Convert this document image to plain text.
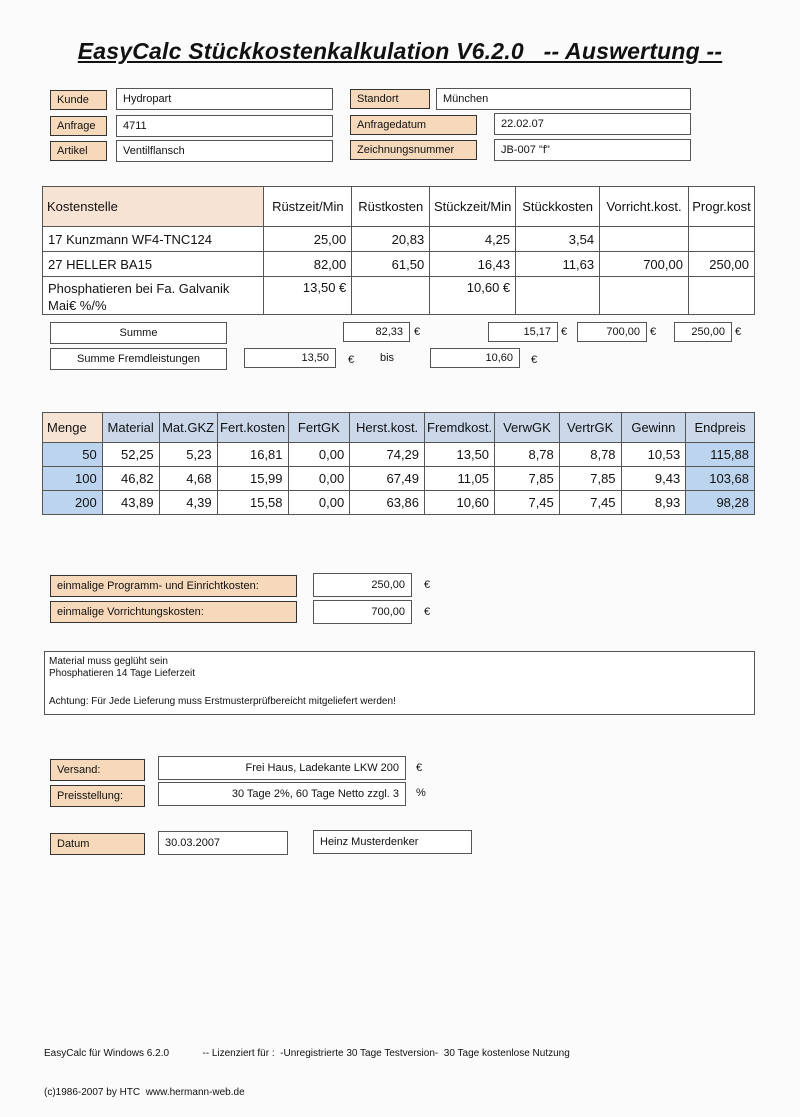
EasyCalc Stückkostenkalkulation V6.2.0   -- Auswertung --
Kunde	Hydropart
Anfrage	4711
Artikel	Ventilflansch
Standort	München
Anfragedatum	22.02.07
Zeichnungsnummer	JB-007 "f"
Kostenstelle	Rüstzeit/Min	Rüstkosten	Stückzeit/Min	Stückkosten	Vorricht.kost.	Progr.kost
17 Kunzmann WF4-TNC124	25,00	20,83	4,25	3,54		
27 HELLER BA15	82,00	61,50	16,43	11,63	700,00	250,00
Phosphatieren bei Fa. Galvanik Mai€ %/%	13,50 €		10,60 €			
Summe	82,33	€	15,17 €	700,00 €	250,00 €
Summe Fremdleistungen	13,50	€ bis	10,60	€
Menge	Material	Mat.GKZ	Fert.kosten	FertGK	Herst.kost.	Fremdkost.	VerwGK	VertrGK	Gewinn	Endpreis
50	52,25	5,23	16,81	0,00	74,29	13,50	8,78	8,78	10,53	115,88
100	46,82	4,68	15,99	0,00	67,49	11,05	7,85	7,85	9,43	103,68
200	43,89	4,39	15,58	0,00	63,86	10,60	7,45	7,45	8,93	98,28
einmalige Programm- und Einrichtkosten:	250,00	€
einmalige Vorrichtungskosten:	700,00	€
Material muss geglüht sein
Phosphatieren 14 Tage Lieferzeit
Achtung: Für Jede Lieferung muss Erstmusterprüfbereicht mitgeliefert werden!
Versand:	Frei Haus, Ladekante LKW 200	€
Preisstellung:	30 Tage 2%, 60 Tage Netto zzgl. 3	%
Datum	30.03.2007	Heinz Musterdenker

EasyCalc für Windows 6.2.0            -- Lizenziert für :  -Unregistrierte 30 Tage Testversion-  30 Tage kostenlose Nutzung

(c)1986-2007 by HTC  www.hermann-web.de
